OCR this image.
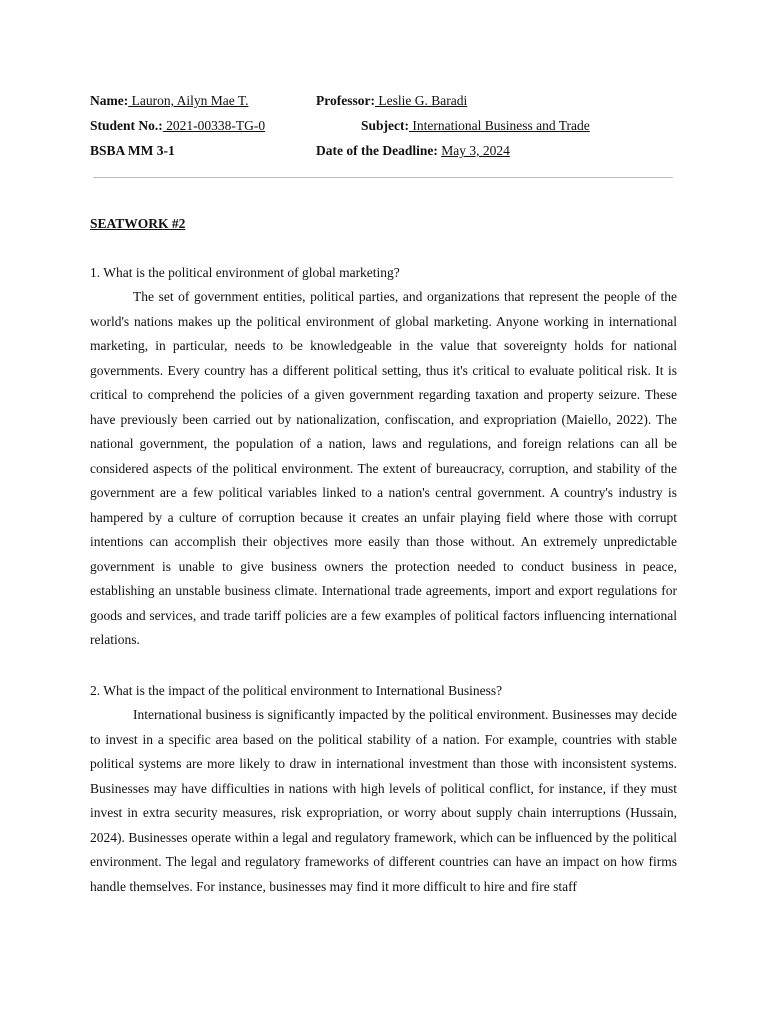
Name: Lauron, Ailyn Mae T.	Professor: Leslie G. Baradi
Student No.: 2021-00338-TG-0	Subject: International Business and Trade
BSBA MM 3-1	Date of the Deadline: May 3, 2024
SEATWORK #2
1. What is the political environment of global marketing?

The set of government entities, political parties, and organizations that represent the people of the world's nations makes up the political environment of global marketing. Anyone working in international marketing, in particular, needs to be knowledgeable in the value that sovereignty holds for national governments. Every country has a different political setting, thus it's critical to evaluate political risk. It is critical to comprehend the policies of a given government regarding taxation and property seizure. These have previously been carried out by nationalization, confiscation, and expropriation (Maiello, 2022). The national government, the population of a nation, laws and regulations, and foreign relations can all be considered aspects of the political environment. The extent of bureaucracy, corruption, and stability of the government are a few political variables linked to a nation's central government. A country's industry is hampered by a culture of corruption because it creates an unfair playing field where those with corrupt intentions can accomplish their objectives more easily than those without. An extremely unpredictable government is unable to give business owners the protection needed to conduct business in peace, establishing an unstable business climate. International trade agreements, import and export regulations for goods and services, and trade tariff policies are a few examples of political factors influencing international relations.

2. What is the impact of the political environment to International Business?

International business is significantly impacted by the political environment. Businesses may decide to invest in a specific area based on the political stability of a nation. For example, countries with stable political systems are more likely to draw in international investment than those with inconsistent systems. Businesses may have difficulties in nations with high levels of political conflict, for instance, if they must invest in extra security measures, risk expropriation, or worry about supply chain interruptions (Hussain, 2024). Businesses operate within a legal and regulatory framework, which can be influenced by the political environment. The legal and regulatory frameworks of different countries can have an impact on how firms handle themselves. For instance, businesses may find it more difficult to hire and fire staff
